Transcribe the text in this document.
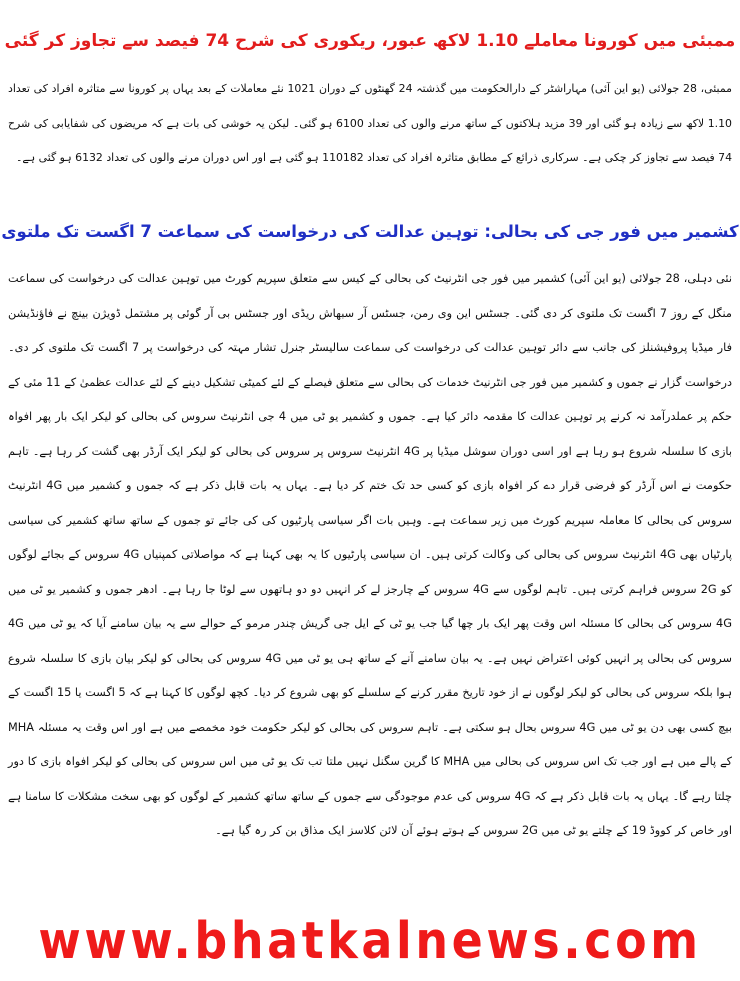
ممبئی میں کورونا معاملے 1.10 لاکھ عبور، ریکوری کی شرح 74 فیصد سے تجاوز کر گئی
ممبئی، 28 جولائی (یو این آئی) مہاراشٹر کے دارالحکومت میں گذشتہ 24 گھنٹوں کے دوران 1021 نئے معاملات کے بعد یہاں پر کورونا سے متاثرہ افراد کی تعداد 1.10 لاکھ سے زیادہ ہو گئی اور 39 مزید ہلاکتوں کے ساتھ مرنے والوں کی تعداد 6100 ہو گئی۔ لیکن یہ خوشی کی بات ہے کہ مریضوں کی شفایابی کی شرح 74 فیصد سے تجاوز کر چکی ہے۔ سرکاری ذرائع کے مطابق متاثرہ افراد کی تعداد 110182 ہو گئی ہے اور اس دوران مرنے والوں کی تعداد 6132 ہو گئی ہے۔
کشمیر میں فور جی کی بحالی: توہین عدالت کی درخواست کی سماعت 7 اگست تک ملتوی
نئی دہلی، 28 جولائی (یو این آئی) کشمیر میں فور جی انٹرنیٹ کی بحالی کے کیس سے متعلق سپریم کورٹ میں توہین عدالت کی درخواست کی سماعت منگل کے روز 7 اگست تک ملتوی کر دی گئی۔ جسٹس این وی رمن، جسٹس آر سبھاش ریڈی اور جسٹس بی آر گوئی پر مشتمل ڈویژن بینچ نے فاؤنڈیشن فار میڈیا پروفیشنلز کی جانب سے دائر توہین عدالت کی درخواست کی سماعت سالیسٹر جنرل تشار مہتہ کی درخواست پر 7 اگست تک ملتوی کر دی۔ درخواست گزار نے جموں و کشمیر میں فور جی انٹرنیٹ خدمات کی بحالی سے متعلق فیصلے کے لئے کمیٹی تشکیل دینے کے لئے عدالت عظمیٰ کے 11 مئی کے حکم پر عملدرآمد نہ کرنے پر توہین عدالت کا مقدمہ دائر کیا ہے۔ جموں و کشمیر یو ٹی میں 4 جی انٹرنیٹ سروس کی بحالی کو لیکر ایک بار پھر افواہ بازی کا سلسلہ شروع ہو رہا ہے اور اسی دوران سوشل میڈیا پر 4G انٹرنیٹ سروس پر سروس کی بحالی کو لیکر ایک آرڈر بھی گشت کر رہا ہے۔ تاہم حکومت نے اس آرڈر کو فرضی قرار دے کر افواہ بازی کو کسی حد تک ختم کر دیا ہے۔ یہاں یہ بات قابل ذکر ہے کہ جموں و کشمیر میں 4G انٹرنیٹ سروس کی بحالی کا معاملہ سپریم کورٹ میں زیر سماعت ہے۔ وہیں بات اگر سیاسی پارٹیوں کی کی جائے تو جموں کے ساتھ ساتھ کشمیر کی سیاسی پارٹیاں بھی 4G انٹرنیٹ سروس کی بحالی کی وکالت کرتی ہیں۔ ان سیاسی پارٹیوں کا یہ بھی کہنا ہے کہ مواصلاتی کمپنیاں 4G سروس کے بجائے لوگوں کو 2G سروس فراہم کرتی ہیں۔ تاہم لوگوں سے 4G سروس کے چارجز لے کر انہیں دو دو ہاتھوں سے لوٹا جا رہا ہے۔ ادھر جموں و کشمیر یو ٹی میں 4G سروس کی بحالی کا مسئلہ اس وقت پھر ایک بار چھا گیا جب یو ٹی کے ایل جی گریش چندر مرمو کے حوالے سے یہ بیان سامنے آیا کہ یو ٹی میں 4G سروس کی بحالی پر انہیں کوئی اعتراض نہیں ہے۔ یہ بیان سامنے آنے کے ساتھ ہی یو ٹی میں 4G سروس کی بحالی کو لیکر بیان بازی کا سلسلہ شروع ہوا بلکہ سروس کی بحالی کو لیکر لوگوں نے از خود تاریخ مقرر کرنے کے سلسلے کو بھی شروع کر دیا۔ کچھ لوگوں کا کہنا ہے کہ 5 اگست یا 15 اگست کے بیچ کسی بھی دن یو ٹی میں 4G سروس بحال ہو سکتی ہے۔ تاہم سروس کی بحالی کو لیکر حکومت خود مخمصے میں ہے اور اس وقت یہ مسئلہ MHA کے پالے میں ہے اور جب تک اس سروس کی بحالی میں MHA کا گرین سگنل نہیں ملتا تب تک یو ٹی میں اس سروس کی بحالی کو لیکر افواہ بازی کا دور چلتا رہے گا۔ یہاں یہ بات قابل ذکر ہے کہ 4G سروس کی عدم موجودگی سے جموں کے ساتھ ساتھ کشمیر کے لوگوں کو بھی سخت مشکلات کا سامنا ہے اور خاص کر کووڈ 19 کے چلتے یو ٹی میں 2G سروس کے ہوتے ہوئے آن لائن کلاسز ایک مذاق بن کر رہ گیا ہے۔
www.bhatkalnews.com
